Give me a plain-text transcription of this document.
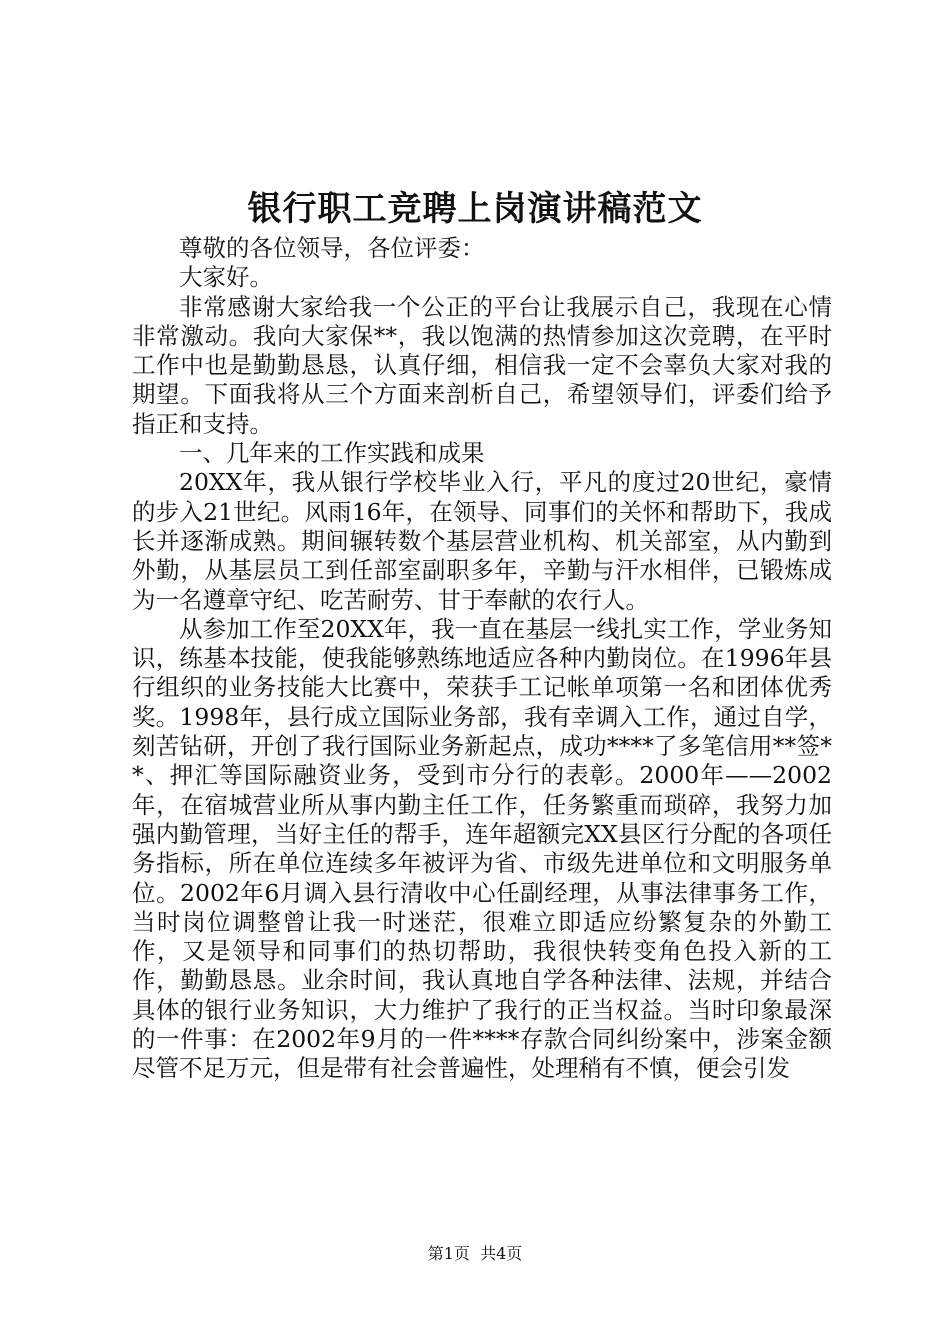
银行职工竞聘上岗演讲稿范文

尊敬的各位领导，各位评委：

大家好。

非常感谢大家给我一个公正的平台让我展示自己，我现在心情非常激动。我向大家保**，我以饱满的热情参加这次竞聘，在平时工作中也是勤勤恳恳，认真仔细，相信我一定不会辜负大家对我的期望。下面我将从三个方面来剖析自己，希望领导们，评委们给予指正和支持。

一、几年来的工作实践和成果

20XX年，我从银行学校毕业入行，平凡的度过20世纪，豪情的步入21世纪。风雨16年，在领导、同事们的关怀和帮助下，我成长并逐渐成熟。期间辗转数个基层营业机构、机关部室，从内勤到外勤，从基层员工到任部室副职多年，辛勤与汗水相伴，已锻炼成为一名遵章守纪、吃苦耐劳、甘于奉献的农行人。

从参加工作至20XX年，我一直在基层一线扎实工作，学业务知识，练基本技能，使我能够熟练地适应各种内勤岗位。在1996年县行组织的业务技能大比赛中，荣获手工记帐单项第一名和团体优秀奖。1998年，县行成立国际业务部，我有幸调入工作，通过自学，刻苦钻研，开创了我行国际业务新起点，成功****了多笔信用**签**、押汇等国际融资业务，受到市分行的表彰。2000年——2002年，在宿城营业所从事内勤主任工作，任务繁重而琐碎，我努力加强内勤管理，当好主任的帮手，连年超额完XX县区行分配的各项任务指标，所在单位连续多年被评为省、市级先进单位和文明服务单位。2002年6月调入县行清收中心任副经理，从事法律事务工作，当时岗位调整曾让我一时迷茫，很难立即适应纷繁复杂的外勤工作，又是领导和同事们的热切帮助，我很快转变角色投入新的工作，勤勤恳恳。业余时间，我认真地自学各种法律、法规，并结合具体的银行业务知识，大力维护了我行的正当权益。当时印象最深的一件事：在2002年9月的一件****存款合同纠纷案中，涉案金额尽管不足万元，但是带有社会普遍性，处理稍有不慎，便会引发

第1页 共4页
